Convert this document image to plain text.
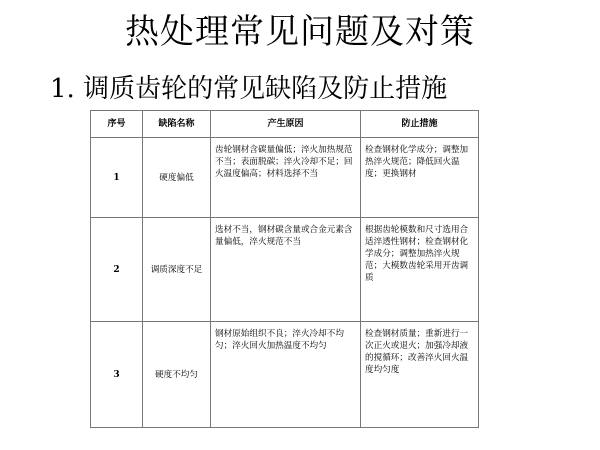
热处理常见问题及对策
1. 调质齿轮的常见缺陷及防止措施
序号	缺陷名称	产生原因	防止措施
1	硬度偏低	齿轮钢材含碳量偏低；淬火加热规范不当；表面脱碳；淬火冷却不足；回火温度偏高；材料选择不当	检查钢材化学成分；调整加热淬火规范；降低回火温度；更换钢材
2	调质深度不足	选材不当，钢材碳含量或合金元素含量偏低，淬火规范不当	根据齿轮模数和尺寸选用合适淬透性钢材；检查钢材化学成分；调整加热淬火规范；大模数齿轮采用开齿调质
3	硬度不均匀	钢材原始组织不良；淬火冷却不均匀；淬火回火加热温度不均匀	检查钢材质量；重新进行一次正火或退火；加强冷却液的搅循环；改善淬火回火温度均匀度
